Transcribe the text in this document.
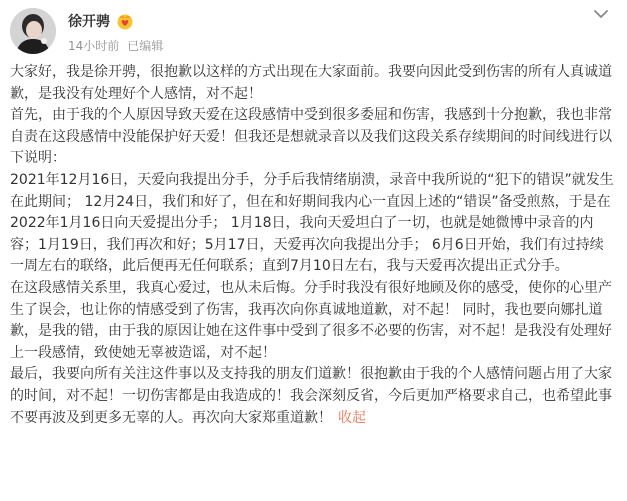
徐开骋
14小时前 已编辑

大家好，我是徐开骋，很抱歉以这样的方式出现在大家面前。我要向因此受到伤害的所有人真诚道歉，是我没有处理好个人感情，对不起！

首先，由于我的个人原因导致天爱在这段感情中受到很多委屈和伤害，我感到十分抱歉，我也非常自责在这段感情中没能保护好天爱！但我还是想就录音以及我们这段关系存续期间的时间线进行以下说明：

2021年12月16日，天爱向我提出分手，分手后我情绪崩溃，录音中我所说的“犯下的错误”就发生在此期间； 12月24日，我们和好了，但在和好期间我内心一直因上述的“错误”备受煎熬，于是在2022年1月16日向天爱提出分手； 1月18日，我向天爱坦白了一切，也就是她微博中录音的内容；1月19日，我们再次和好；5月17日，天爱再次向我提出分手； 6月6日开始，我们有过持续一周左右的联络，此后便再无任何联系；直到7月10日左右，我与天爱再次提出正式分手。

在这段感情关系里，我真心爱过，也从未后悔。分手时我没有很好地顾及你的感受，使你的心里产生了误会，也让你的情感受到了伤害，我再次向你真诚地道歉，对不起！ 同时，我也要向娜扎道歉，是我的错，由于我的原因让她在这件事中受到了很多不必要的伤害，对不起！是我没有处理好上一段感情，致使她无辜被造谣，对不起！

最后，我要向所有关注这件事以及支持我的朋友们道歉！很抱歉由于我的个人感情问题占用了大家的时间，对不起！一切伤害都是由我造成的！我会深刻反省，今后更加严格要求自己，也希望此事不要再波及到更多无辜的人。再次向大家郑重道歉！ 收起
